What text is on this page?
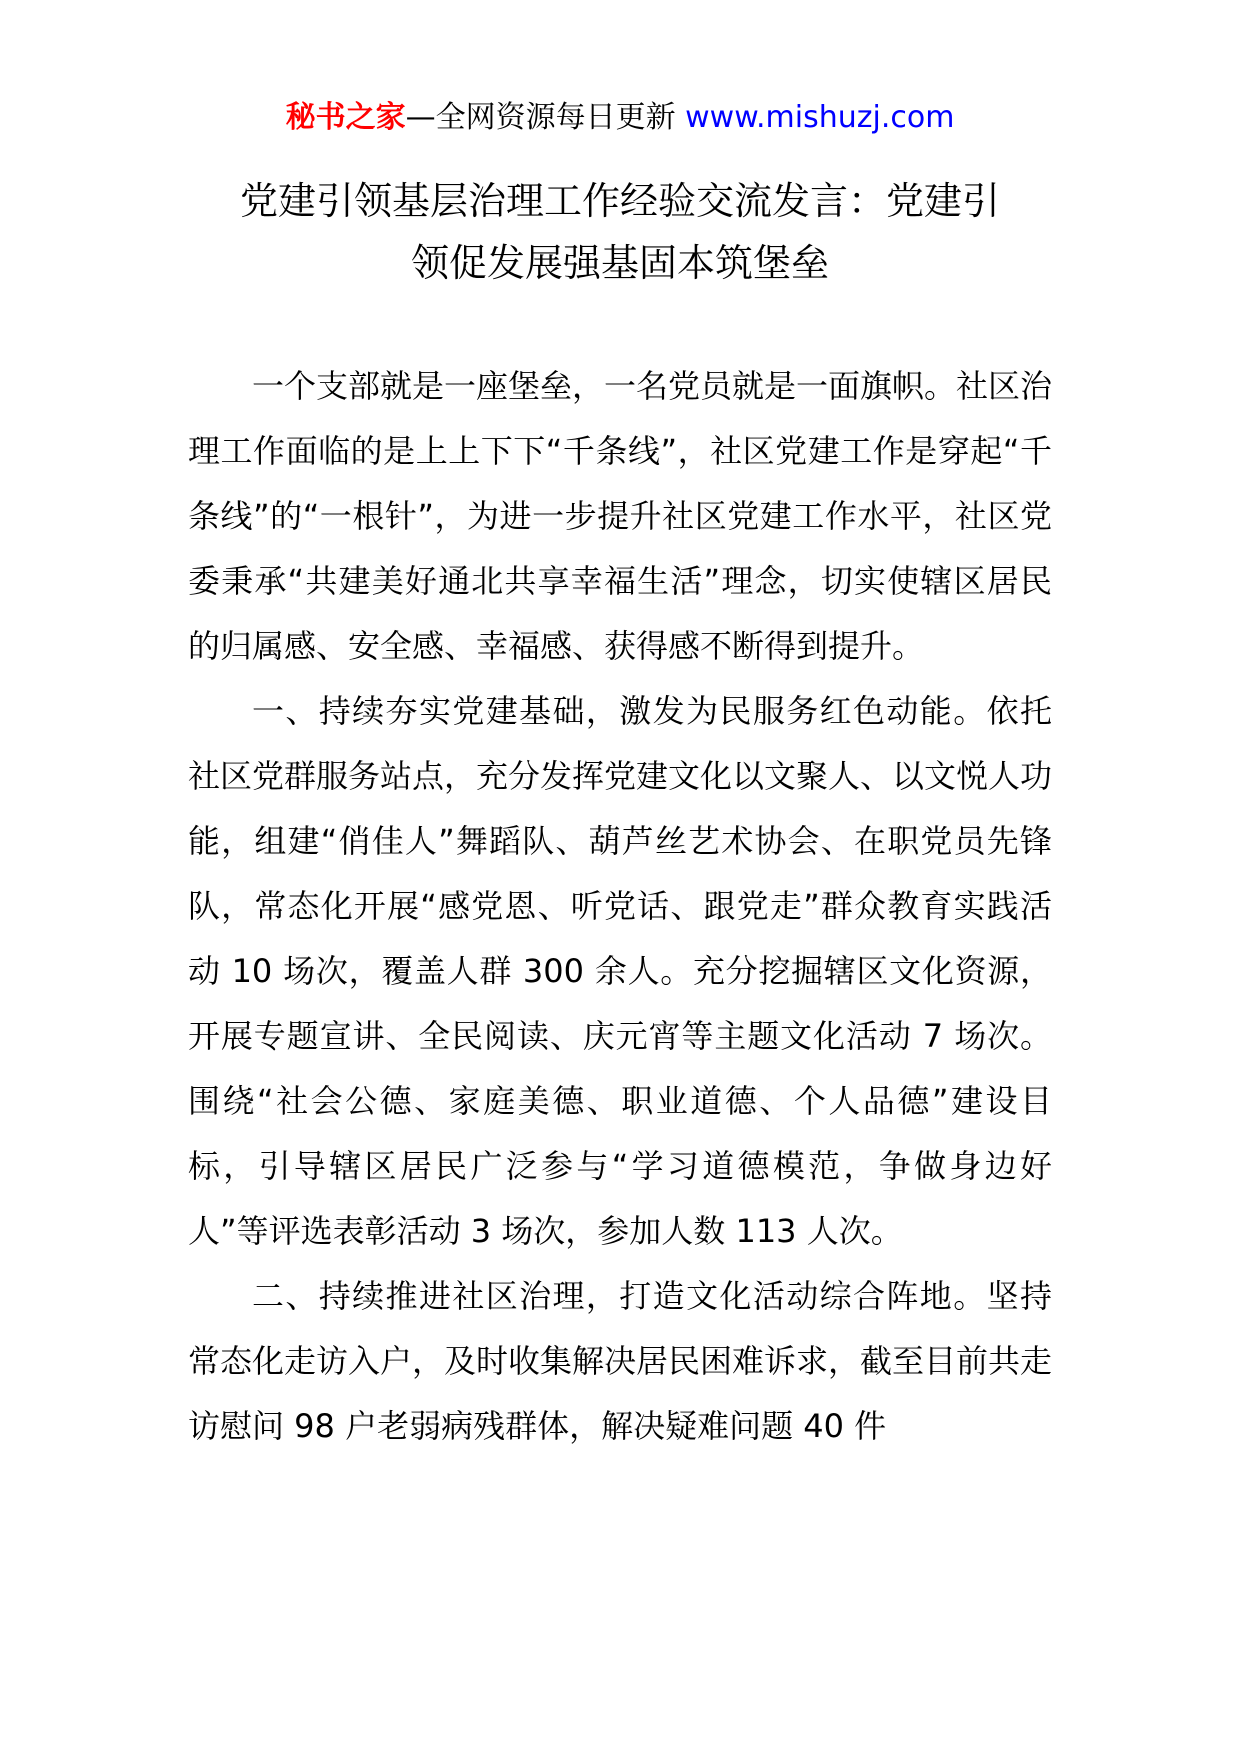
秘书之家—全网资源每日更新 www.mishuzj.com
党建引领基层治理工作经验交流发言：党建引
领促发展强基固本筑堡垒

一个支部就是一座堡垒，一名党员就是一面旗帜。社区治理工作面临的是上上下下“千条线”，社区党建工作是穿起“千条线”的“一根针”，为进一步提升社区党建工作水平，社区党委秉承“共建美好通北共享幸福生活”理念，切实使辖区居民的归属感、安全感、幸福感、获得感不断得到提升。

一、持续夯实党建基础，激发为民服务红色动能。依托社区党群服务站点，充分发挥党建文化以文聚人、以文悦人功能，组建“俏佳人”舞蹈队、葫芦丝艺术协会、在职党员先锋队，常态化开展“感党恩、听党话、跟党走”群众教育实践活动 10 场次，覆盖人群 300 余人。充分挖掘辖区文化资源，开展专题宣讲、全民阅读、庆元宵等主题文化活动 7 场次。围绕“社会公德、家庭美德、职业道德、个人品德”建设目标，引导辖区居民广泛参与“学习道德模范，争做身边好人”等评选表彰活动 3 场次，参加人数 113 人次。

二、持续推进社区治理，打造文化活动综合阵地。坚持常态化走访入户，及时收集解决居民困难诉求，截至目前共走访慰问 98 户老弱病残群体，解决疑难问题 40 件
